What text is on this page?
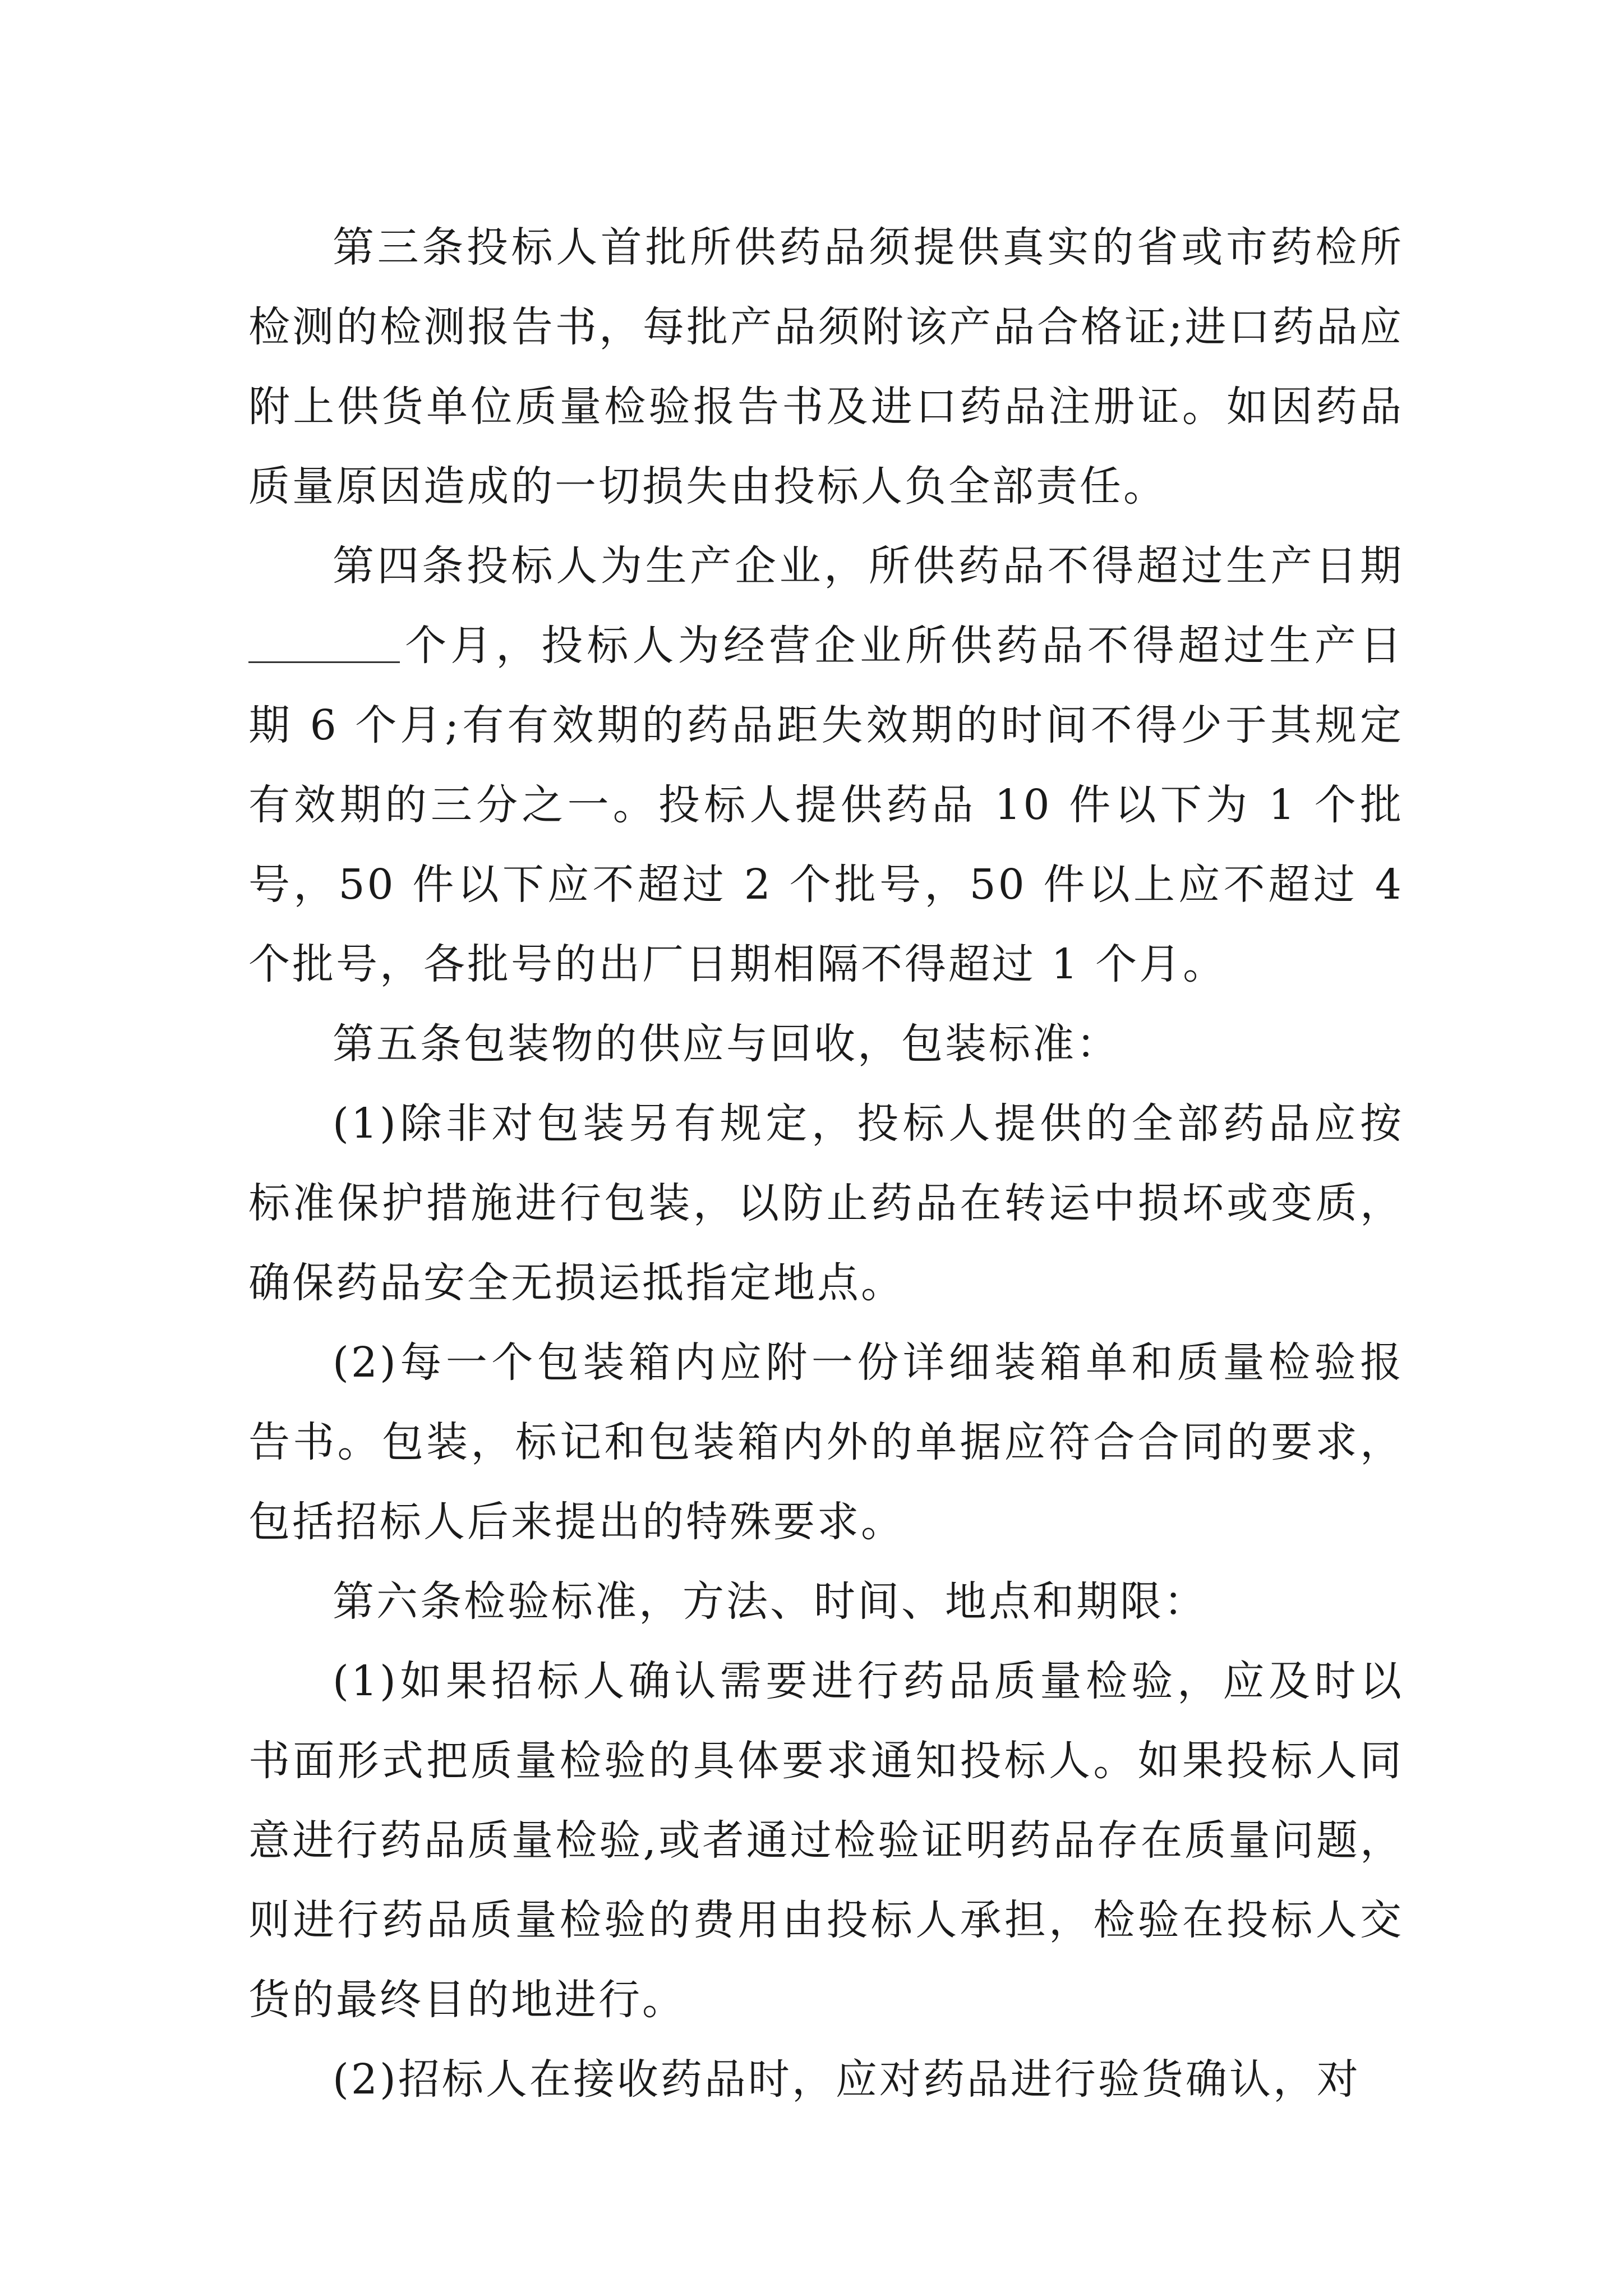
第三条投标人首批所供药品须提供真实的省或市药检所检测的检测报告书，每批产品须附该产品合格证;进口药品应附上供货单位质量检验报告书及进口药品注册证。如因药品质量原因造成的一切损失由投标人负全部责任。

第四条投标人为生产企业，所供药品不得超过生产日期个月，投标人为经营企业所供药品不得超过生产日期 6 个月;有有效期的药品距失效期的时间不得少于其规定有效期的三分之一。投标人提供药品 10 件以下为 1 个批号，50 件以下应不超过 2 个批号，50 件以上应不超过 4 个批号，各批号的出厂日期相隔不得超过 1 个月。

第五条包装物的供应与回收，包装标准：

(1)除非对包装另有规定，投标人提供的全部药品应按标准保护措施进行包装，以防止药品在转运中损坏或变质，确保药品安全无损运抵指定地点。

(2)每一个包装箱内应附一份详细装箱单和质量检验报告书。包装，标记和包装箱内外的单据应符合合同的要求，包括招标人后来提出的特殊要求。

第六条检验标准，方法、时间、地点和期限：

(1)如果招标人确认需要进行药品质量检验，应及时以书面形式把质量检验的具体要求通知投标人。如果投标人同意进行药品质量检验,或者通过检验证明药品存在质量问题，则进行药品质量检验的费用由投标人承担，检验在投标人交货的最终目的地进行。

(2)招标人在接收药品时，应对药品进行验货确认，对
